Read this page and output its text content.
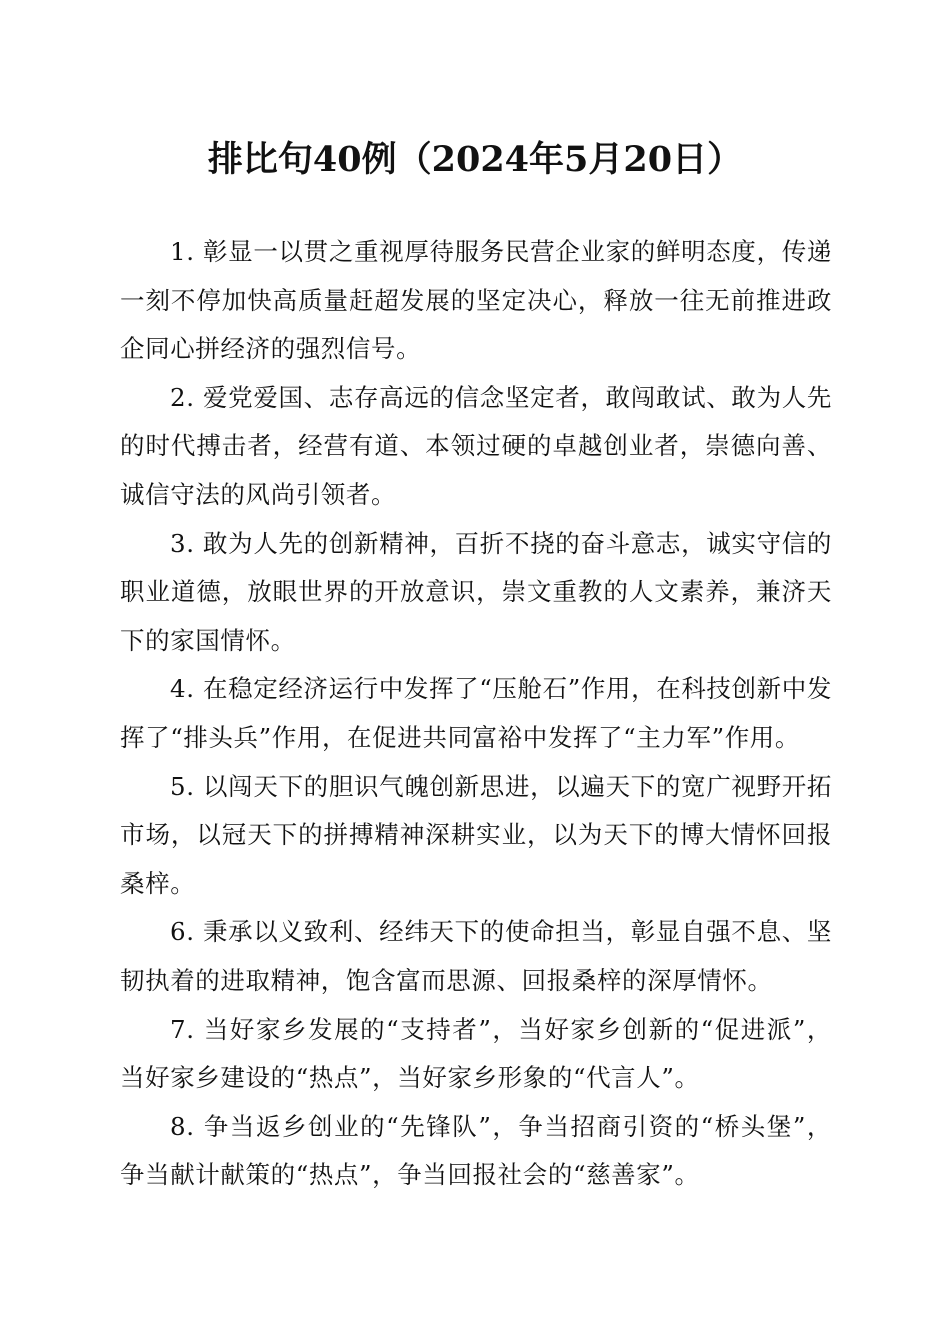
排比句40例（2024年5月20日）

1. 彰显一以贯之重视厚待服务民营企业家的鲜明态度，传递一刻不停加快高质量赶超发展的坚定决心，释放一往无前推进政企同心拼经济的强烈信号。

2. 爱党爱国、志存高远的信念坚定者，敢闯敢试、敢为人先的时代搏击者，经营有道、本领过硬的卓越创业者，崇德向善、诚信守法的风尚引领者。

3. 敢为人先的创新精神，百折不挠的奋斗意志，诚实守信的职业道德，放眼世界的开放意识，崇文重教的人文素养，兼济天下的家国情怀。

4. 在稳定经济运行中发挥了“压舱石”作用，在科技创新中发挥了“排头兵”作用，在促进共同富裕中发挥了“主力军”作用。

5. 以闯天下的胆识气魄创新思进，以遍天下的宽广视野开拓市场，以冠天下的拼搏精神深耕实业，以为天下的博大情怀回报桑梓。

6. 秉承以义致利、经纬天下的使命担当，彰显自强不息、坚韧执着的进取精神，饱含富而思源、回报桑梓的深厚情怀。

7. 当好家乡发展的“支持者”，当好家乡创新的“促进派”，当好家乡建设的“热点”，当好家乡形象的“代言人”。

8. 争当返乡创业的“先锋队”，争当招商引资的“桥头堡”，争当献计献策的“热点”，争当回报社会的“慈善家”。
